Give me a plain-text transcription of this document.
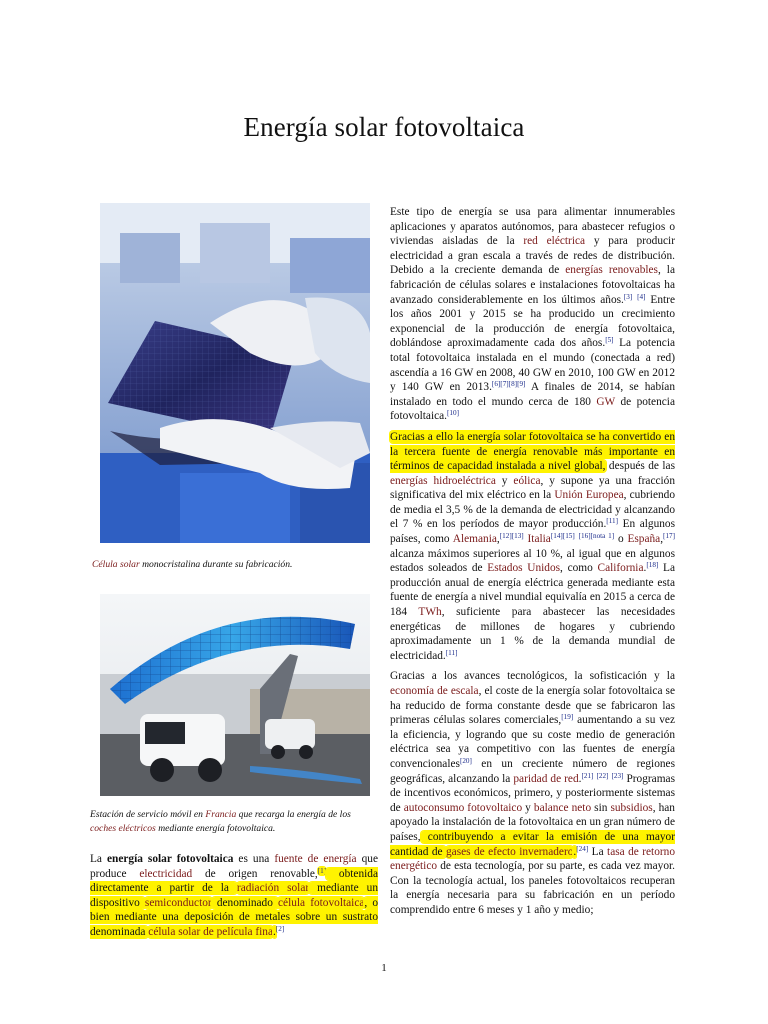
Energía solar fotovoltaica
Célula solar monocristalina durante su fabricación.
Estación de servicio móvil en Francia que recarga la energía de los coches eléctricos mediante energía fotovoltaica.

La energía solar fotovoltaica es una fuente de energía que produce electricidad de origen renovable,[1] obtenida directamente a partir de la radiación solar mediante un dispositivo semiconductor denominado célula fotovoltaica, o bien mediante una deposición de metales sobre un sustrato denominada célula solar de película fina.[2]

Este tipo de energía se usa para alimentar innumerables aplicaciones y aparatos autónomos, para abastecer refugios o viviendas aisladas de la red eléctrica y para producir electricidad a gran escala a través de redes de distribución. Debido a la creciente demanda de energías renovables, la fabricación de células solares e instalaciones fotovoltaicas ha avanzado considerablemente en los últimos años.[3] [4] Entre los años 2001 y 2015 se ha producido un crecimiento exponencial de la producción de energía fotovoltaica, doblándose aproximadamente cada dos años.[5] La potencia total fotovoltaica instalada en el mundo (conectada a red) ascendía a 16 GW en 2008, 40 GW en 2010, 100 GW en 2012 y 140 GW en 2013.[6][7][8][9] A finales de 2014, se habían instalado en todo el mundo cerca de 180 GW de potencia fotovoltaica.[10]

Gracias a ello la energía solar fotovoltaica se ha convertido en la tercera fuente de energía renovable más importante en términos de capacidad instalada a nivel global, después de las energías hidroeléctrica y eólica, y supone ya una fracción significativa del mix eléctrico en la Unión Europea, cubriendo de media el 3,5 % de la demanda de electricidad y alcanzando el 7 % en los períodos de mayor producción.[11] En algunos países, como Alemania,[12][13] Italia[14][15] [16][nota 1] o España,[17] alcanza máximos superiores al 10 %, al igual que en algunos estados soleados de Estados Unidos, como California.[18] La producción anual de energía eléctrica generada mediante esta fuente de energía a nivel mundial equivalía en 2015 a cerca de 184 TWh, suficiente para abastecer las necesidades energéticas de millones de hogares y cubriendo aproximadamente un 1 % de la demanda mundial de electricidad.[11]

Gracias a los avances tecnológicos, la sofisticación y la economía de escala, el coste de la energía solar fotovoltaica se ha reducido de forma constante desde que se fabricaron las primeras células solares comerciales,[19] aumentando a su vez la eficiencia, y logrando que su coste medio de generación eléctrica sea ya competitivo con las fuentes de energía convencionales[20] en un creciente número de regiones geográficas, alcanzando la paridad de red.[21] [22] [23] Programas de incentivos económicos, primero, y posteriormente sistemas de autoconsumo fotovoltaico y balance neto sin subsidios, han apoyado la instalación de la fotovoltaica en un gran número de países, contribuyendo a evitar la emisión de una mayor cantidad de gases de efecto invernadero.[24] La tasa de retorno energético de esta tecnología, por su parte, es cada vez mayor. Con la tecnología actual, los paneles fotovoltaicos recuperan la energía necesaria para su fabricación en un período comprendido entre 6 meses y 1 año y medio;

1
